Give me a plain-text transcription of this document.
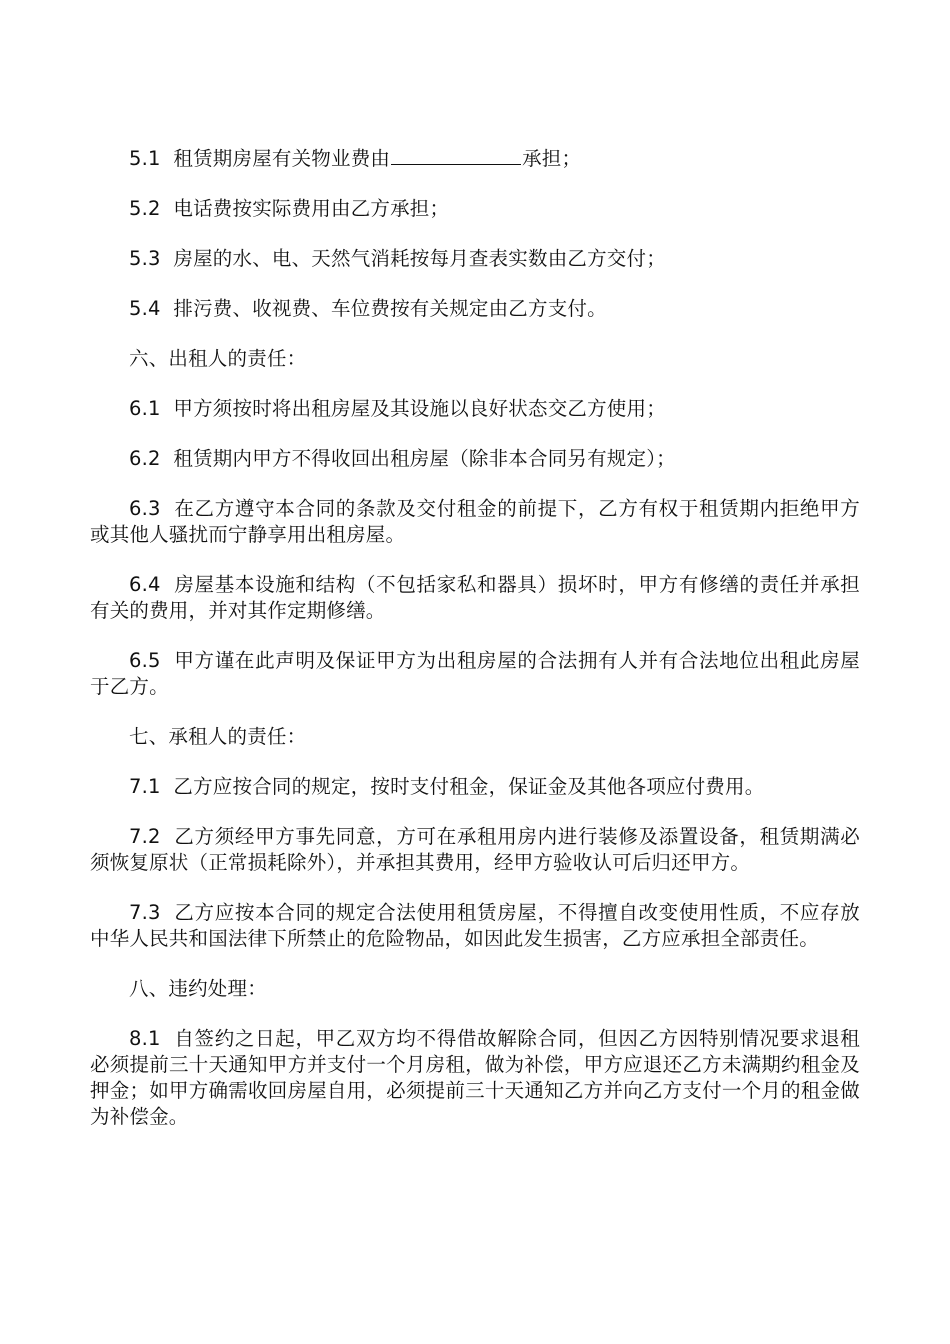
5.1  租赁期房屋有关物业费由	承担；

5.2  电话费按实际费用由乙方承担；

5.3  房屋的水、电、天然气消耗按每月查表实数由乙方交付；

5.4  排污费、收视费、车位费按有关规定由乙方支付。

六、出租人的责任：

6.1  甲方须按时将出租房屋及其设施以良好状态交乙方使用；

6.2  租赁期内甲方不得收回出租房屋（除非本合同另有规定）；

6.3  在乙方遵守本合同的条款及交付租金的前提下，乙方有权于租赁期内拒绝甲方或其他人骚扰而宁静享用出租房屋。

6.4  房屋基本设施和结构（不包括家私和器具）损坏时，甲方有修缮的责任并承担有关的费用，并对其作定期修缮。

6.5  甲方谨在此声明及保证甲方为出租房屋的合法拥有人并有合法地位出租此房屋于乙方。

七、承租人的责任：

7.1  乙方应按合同的规定，按时支付租金，保证金及其他各项应付费用。

7.2  乙方须经甲方事先同意，方可在承租用房内进行装修及添置设备，租赁期满必须恢复原状（正常损耗除外），并承担其费用，经甲方验收认可后归还甲方。

7.3  乙方应按本合同的规定合法使用租赁房屋，不得擅自改变使用性质，不应存放中华人民共和国法律下所禁止的危险物品，如因此发生损害，乙方应承担全部责任。

八、违约处理：

8.1  自签约之日起，甲乙双方均不得借故解除合同，但因乙方因特别情况要求退租必须提前三十天通知甲方并支付一个月房租，做为补偿，甲方应退还乙方未满期约租金及押金；如甲方确需收回房屋自用，必须提前三十天通知乙方并向乙方支付一个月的租金做为补偿金。
